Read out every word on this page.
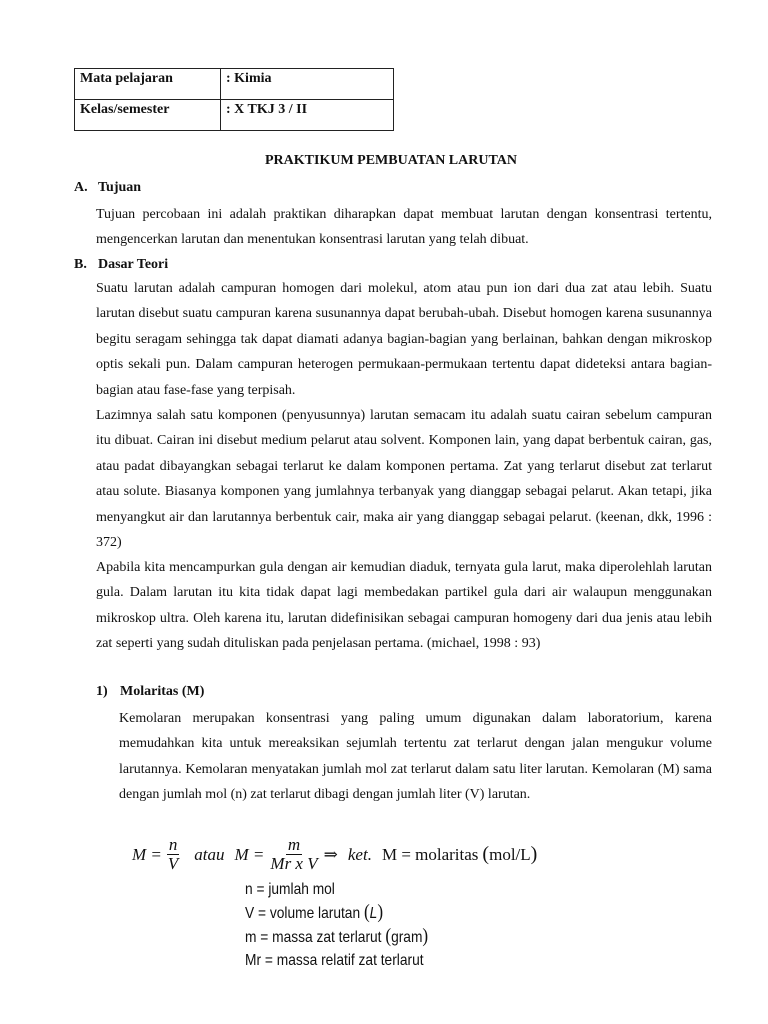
Mata pelajaran	: Kimia
Kelas/semester	: X TKJ 3 / II
PRAKTIKUM PEMBUATAN LARUTAN
A. Tujuan
Tujuan percobaan ini adalah praktikan diharapkan dapat membuat larutan dengan konsentrasi tertentu, mengencerkan larutan dan menentukan konsentrasi larutan yang telah dibuat.
B. Dasar Teori
Suatu larutan adalah campuran homogen dari molekul, atom atau pun ion dari dua zat atau lebih. Suatu larutan disebut suatu campuran karena susunannya dapat berubah-ubah. Disebut homogen karena susunannya begitu seragam sehingga tak dapat diamati adanya bagian-bagian yang berlainan, bahkan dengan mikroskop optis sekali pun. Dalam campuran heterogen permukaan-permukaan tertentu dapat dideteksi antara bagian-bagian atau fase-fase yang terpisah.
Lazimnya salah satu komponen (penyusunnya) larutan semacam itu adalah suatu cairan sebelum campuran itu dibuat. Cairan ini disebut medium pelarut atau solvent. Komponen lain, yang dapat berbentuk cairan, gas, atau padat dibayangkan sebagai terlarut ke dalam komponen pertama. Zat yang terlarut disebut zat terlarut atau solute. Biasanya komponen yang jumlahnya terbanyak yang dianggap sebagai pelarut. Akan tetapi, jika menyangkut air dan larutannya berbentuk cair, maka air yang dianggap sebagai pelarut. (keenan, dkk, 1996 : 372)
Apabila kita mencampurkan gula dengan air kemudian diaduk, ternyata gula larut, maka diperolehlah larutan gula. Dalam larutan itu kita tidak dapat lagi membedakan partikel gula dari air walaupun menggunakan mikroskop ultra. Oleh karena itu, larutan didefinisikan sebagai campuran homogeny dari dua jenis atau lebih zat seperti yang sudah dituliskan pada penjelasan pertama. (michael, 1998 : 93)
1) Molaritas (M)
Kemolaran merupakan konsentrasi yang paling umum digunakan dalam laboratorium, karena memudahkan kita untuk mereaksikan sejumlah tertentu zat terlarut dengan jalan mengukur volume larutannya. Kemolaran menyatakan jumlah mol zat terlarut dalam satu liter larutan. Kemolaran (M) sama dengan jumlah mol (n) zat terlarut dibagi dengan jumlah liter (V) larutan.
$M = \frac{n}{V}$ atau $M = \frac{m}{\text{Mr x V}}$ ⇒ ket. M = molaritas ( mol/L )
n = jumlah mol
V = volume larutan (L)
m = massa zat terlarut (gram)
Mr = massa relatif zat terlarut
